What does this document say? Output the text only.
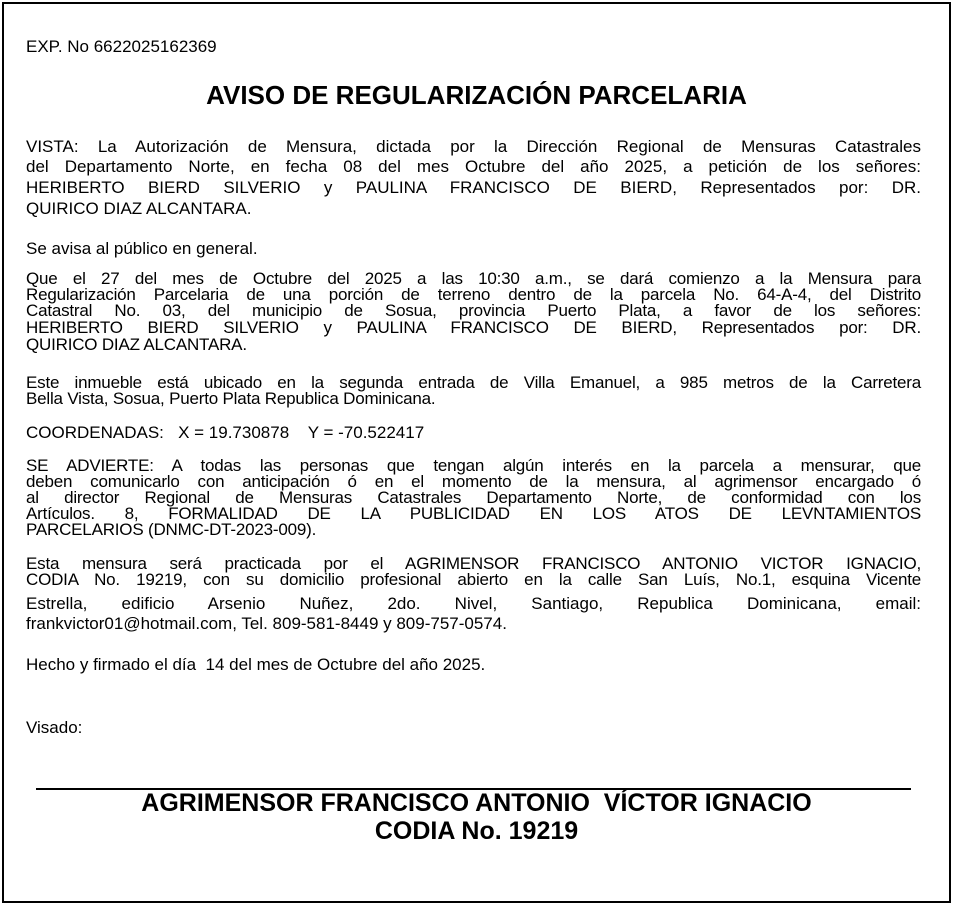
EXP. No 6622025162369
AVISO DE REGULARIZACIÓN PARCELARIA
VISTA: La Autorización de Mensura, dictada por la Dirección Regional de Mensuras Catastrales
del Departamento Norte, en fecha 08 del mes Octubre del año 2025, a petición de los señores:
HERIBERTO BIERD SILVERIO y PAULINA FRANCISCO DE BIERD, Representados por: DR.
QUIRICO DIAZ ALCANTARA.
Se avisa al público en general.
Que el 27 del mes de Octubre del 2025 a las 10:30 a.m., se dará comienzo a la Mensura para
Regularización Parcelaria de una porción de terreno dentro de la parcela No. 64-A-4, del Distrito
Catastral No. 03, del municipio de Sosua, provincia Puerto Plata, a favor de los señores:
HERIBERTO BIERD SILVERIO y PAULINA FRANCISCO DE BIERD, Representados por: DR.
QUIRICO DIAZ ALCANTARA.
Este inmueble está ubicado en la segunda entrada de Villa Emanuel, a 985 metros de la Carretera
Bella Vista, Sosua, Puerto Plata Republica Dominicana.
COORDENADAS:   X = 19.730878    Y = -70.522417
SE ADVIERTE: A todas las personas que tengan algún interés en la parcela a mensurar, que
deben comunicarlo con anticipación ó en el momento de la mensura, al agrimensor encargado ó
al director Regional de Mensuras Catastrales Departamento Norte, de conformidad con los
Artículos. 8, FORMALIDAD DE LA PUBLICIDAD EN LOS ATOS DE LEVNTAMIENTOS
PARCELARIOS (DNMC-DT-2023-009).
Esta mensura será practicada por el AGRIMENSOR FRANCISCO ANTONIO VICTOR IGNACIO,
CODIA No. 19219, con su domicilio profesional abierto en la calle San Luís, No.1, esquina Vicente
Estrella, edificio Arsenio Nuñez, 2do. Nivel, Santiago, Republica Dominicana, email:
frankvictor01@hotmail.com, Tel. 809-581-8449 y 809-757-0574.
Hecho y firmado el día  14 del mes de Octubre del año 2025.
Visado:
AGRIMENSOR FRANCISCO ANTONIO  VÍCTOR IGNACIO
CODIA No. 19219
